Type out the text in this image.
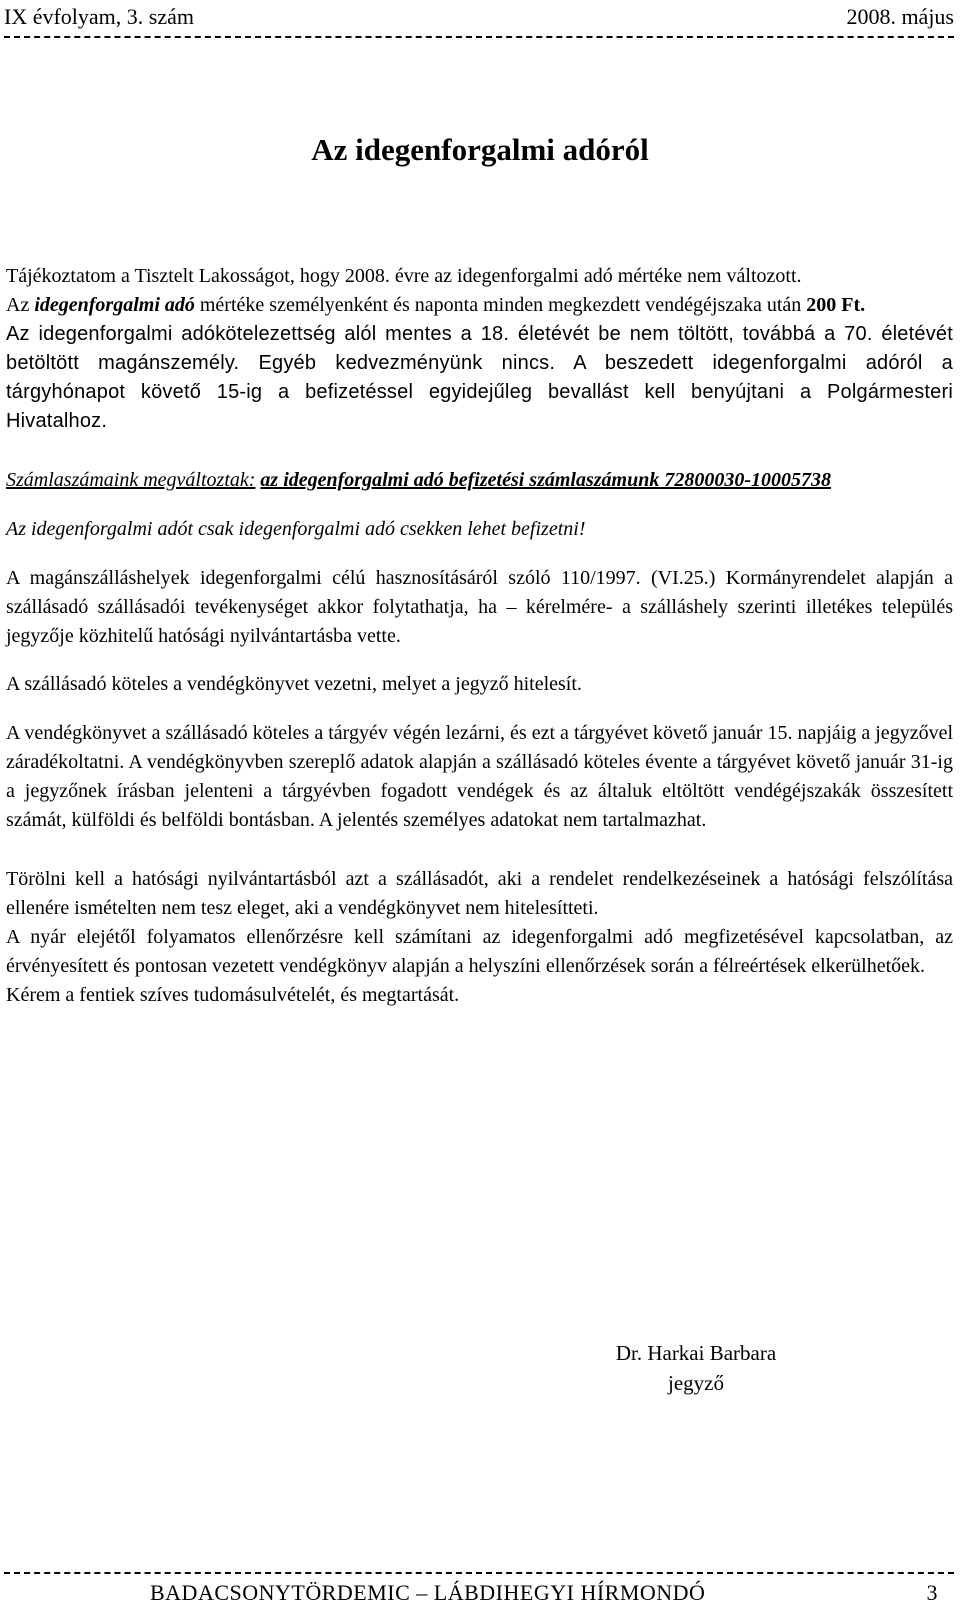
IX évfolyam, 3. szám	2008. május
Az idegenforgalmi adóról

Tájékoztatom a Tisztelt Lakosságot, hogy 2008. évre az idegenforgalmi adó mértéke nem változott.

Az idegenforgalmi adó mértéke személyenként és naponta minden megkezdett vendégéjszaka után 200 Ft.

Az idegenforgalmi adókötelezettség alól mentes a 18. életévét be nem töltött, továbbá a 70. életévét betöltött magánszemély. Egyéb kedvezményünk nincs. A beszedett idegenforgalmi adóról a tárgyhónapot követő 15-ig a befizetéssel egyidejűleg bevallást kell benyújtani a Polgármesteri Hivatalhoz.

Számlaszámaink megváltoztak: az idegenforgalmi adó befizetési számlaszámunk 72800030-10005738

Az idegenforgalmi adót csak idegenforgalmi adó csekken lehet befizetni!

A magánszálláshelyek idegenforgalmi célú hasznosításáról szóló 110/1997. (VI.25.) Kormányrendelet alapján a szállásadó szállásadói tevékenységet akkor folytathatja, ha – kérelmére- a szálláshely szerinti illetékes település jegyzője közhitelű hatósági nyilvántartásba vette.

A szállásadó köteles a vendégkönyvet vezetni, melyet a jegyző hitelesít.

A vendégkönyvet a szállásadó köteles a tárgyév végén lezárni, és ezt a tárgyévet követő január 15. napjáig a jegyzővel záradékoltatni. A vendégkönyvben szereplő adatok alapján a szállásadó köteles évente a tárgyévet követő január 31-ig a jegyzőnek írásban jelenteni a tárgyévben fogadott vendégek és az általuk eltöltött vendégéjszakák összesített számát, külföldi és belföldi bontásban. A jelentés személyes adatokat nem tartalmazhat.

Törölni kell a hatósági nyilvántartásból azt a szállásadót, aki a rendelet rendelkezéseinek a hatósági felszólítása ellenére ismételten nem tesz eleget, aki a vendégkönyvet nem hitelesítteti.

A nyár elejétől folyamatos ellenőrzésre kell számítani az idegenforgalmi adó megfizetésével kapcsolatban, az érvényesített és pontosan vezetett vendégkönyv alapján a helyszíni ellenőrzések során a félreértések elkerülhetőek.

Kérem a fentiek szíves tudomásulvételét, és megtartását.

Dr. Harkai Barbara
jegyző
BADACSONYTÖRDEMIC – LÁBDIHEGYI HÍRMONDÓ	3
